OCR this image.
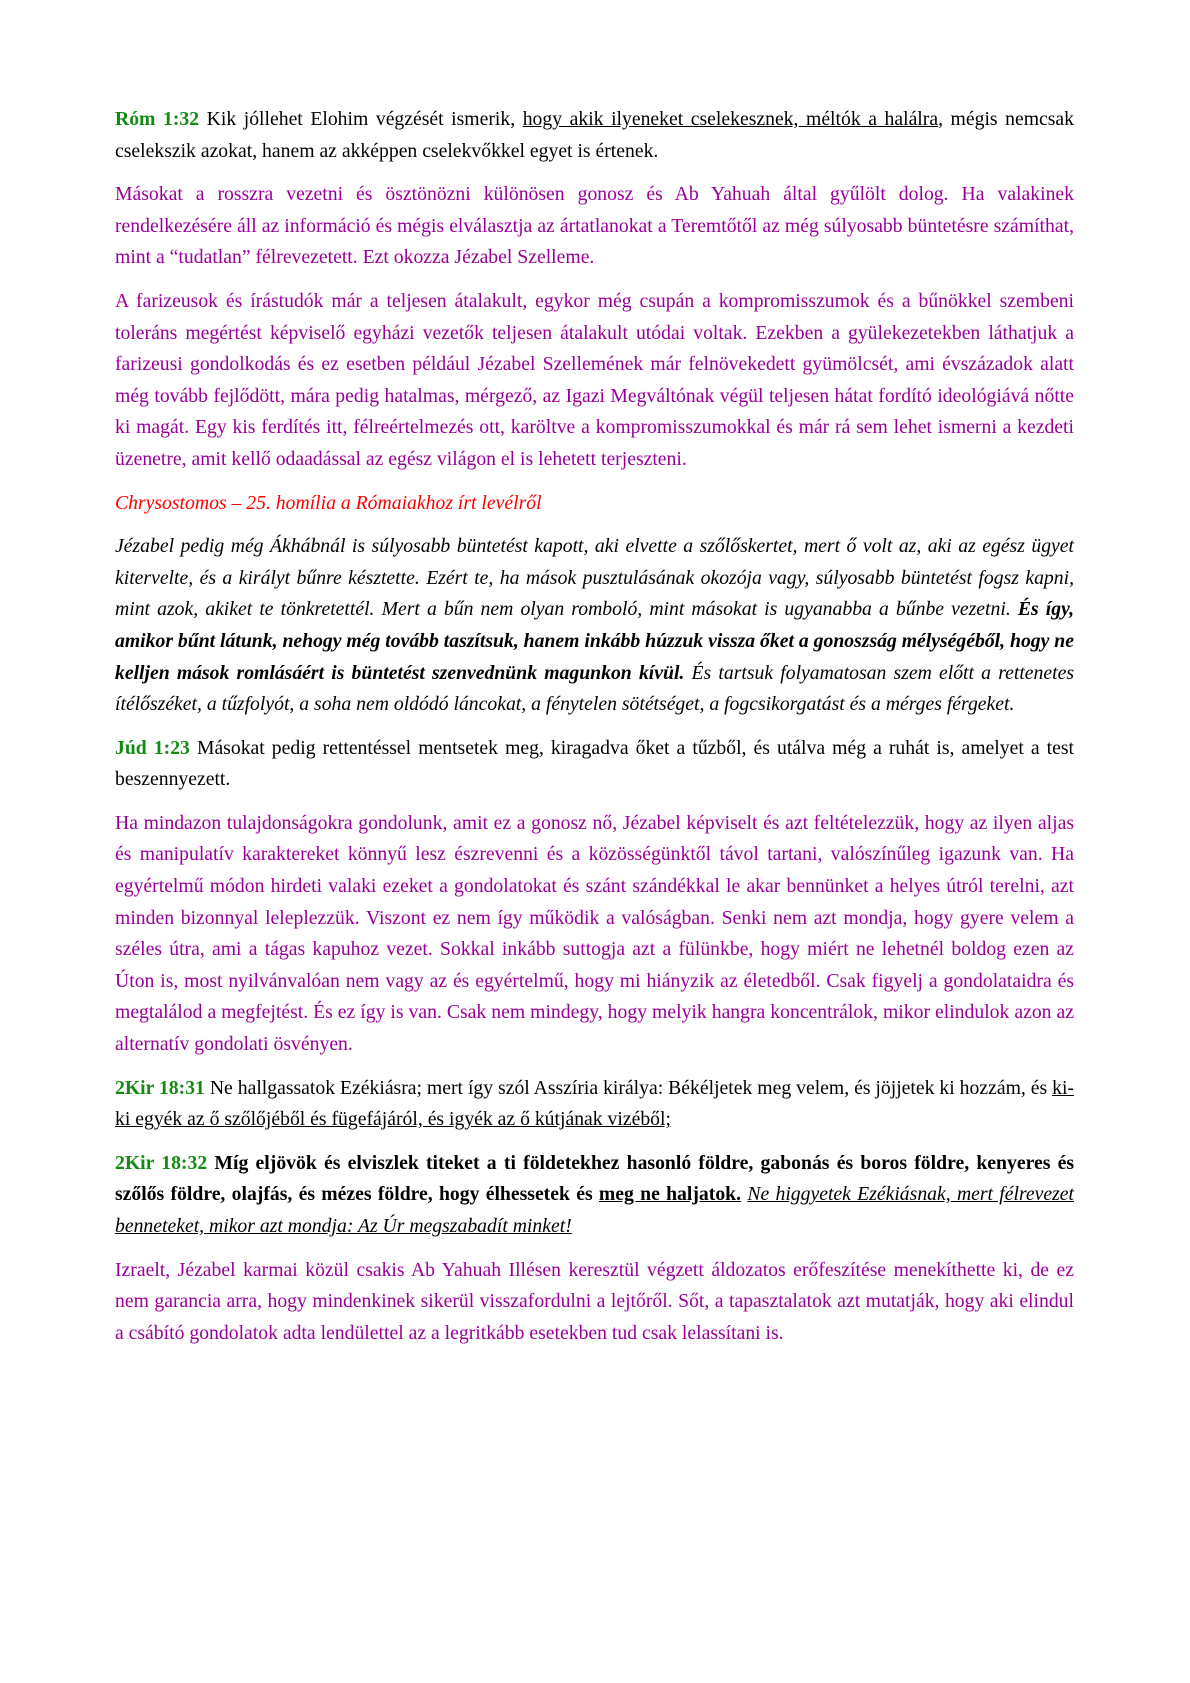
Róm 1:32 Kik jóllehet Elohim végzését ismerik, hogy akik ilyeneket cselekesznek, méltók a halálra, mégis nemcsak cselekszik azokat, hanem az akképpen cselekvőkkel egyet is értenek.

Másokat a rosszra vezetni és ösztönözni különösen gonosz és Ab Yahuah által gyűlölt dolog. Ha valakinek rendelkezésére áll az információ és mégis elválasztja az ártatlanokat a Teremtőtől az még súlyosabb büntetésre számíthat, mint a “tudatlan” félrevezetett. Ezt okozza Jézabel Szelleme.

A farizeusok és írástudók már a teljesen átalakult, egykor még csupán a kompromisszumok és a bűnökkel szembeni toleráns megértést képviselő egyházi vezetők teljesen átalakult utódai voltak. Ezekben a gyülekezetekben láthatjuk a farizeusi gondolkodás és ez esetben például Jézabel Szellemének már felnövekedett gyümölcsét, ami évszázadok alatt még tovább fejlődött, mára pedig hatalmas, mérgező, az Igazi Megváltónak végül teljesen hátat fordító ideológiává nőtte ki magát. Egy kis ferdítés itt, félreértelmezés ott, karöltve a kompromisszumokkal és már rá sem lehet ismerni a kezdeti üzenetre, amit kellő odaadással az egész világon el is lehetett terjeszteni.

Chrysostomos – 25. homília a Rómaiakhoz írt levélről

Jézabel pedig még Ákhábnál is súlyosabb büntetést kapott, aki elvette a szőlőskertet, mert ő volt az, aki az egész ügyet kitervelte, és a királyt bűnre késztette. Ezért te, ha mások pusztulásának okozója vagy, súlyosabb büntetést fogsz kapni, mint azok, akiket te tönkretettél. Mert a bűn nem olyan romboló, mint másokat is ugyanabba a bűnbe vezetni. És így, amikor bűnt látunk, nehogy még tovább taszítsuk, hanem inkább húzzuk vissza őket a gonoszság mélységéből, hogy ne kelljen mások romlásáért is büntetést szenvednünk magunkon kívül. És tartsuk folyamatosan szem előtt a rettenetes ítélőszéket, a tűzfolyót, a soha nem oldódó láncokat, a fénytelen sötétséget, a fogcsikorgatást és a mérges férgeket.

Júd 1:23 Másokat pedig rettentéssel mentsetek meg, kiragadva őket a tűzből, és utálva még a ruhát is, amelyet a test beszennyezett.

Ha mindazon tulajdonságokra gondolunk, amit ez a gonosz nő, Jézabel képviselt és azt feltételezzük, hogy az ilyen aljas és manipulatív karaktereket könnyű lesz észrevenni és a közösségünktől távol tartani, valószínűleg igazunk van. Ha egyértelmű módon hirdeti valaki ezeket a gondolatokat és szánt szándékkal le akar bennünket a helyes útról terelni, azt minden bizonnyal leleplezzük. Viszont ez nem így működik a valóságban. Senki nem azt mondja, hogy gyere velem a széles útra, ami a tágas kapuhoz vezet. Sokkal inkább suttogja azt a fülünkbe, hogy miért ne lehetnél boldog ezen az Úton is, most nyilvánvalóan nem vagy az és egyértelmű, hogy mi hiányzik az életedből. Csak figyelj a gondolataidra és megtalálod a megfejtést. És ez így is van. Csak nem mindegy, hogy melyik hangra koncentrálok, mikor elindulok azon az alternatív gondolati ösvényen.

2Kir 18:31 Ne hallgassatok Ezékiásra; mert így szól Asszíria királya: Békéljetek meg velem, és jöjjetek ki hozzám, és ki-ki egyék az ő szőlőjéből és fügefájáról, és igyék az ő kútjának vizéből;

2Kir 18:32 Míg eljövök és elviszlek titeket a ti földetekhez hasonló földre, gabonás és boros földre, kenyeres és szőlős földre, olajfás, és mézes földre, hogy élhessetek és meg ne haljatok. Ne higgyetek Ezékiásnak, mert félrevezet benneteket, mikor azt mondja: Az Úr megszabadít minket!

Izraelt, Jézabel karmai közül csakis Ab Yahuah Illésen keresztül végzett áldozatos erőfeszítése menekíthette ki, de ez nem garancia arra, hogy mindenkinek sikerül visszafordulni a lejtőről. Sőt, a tapasztalatok azt mutatják, hogy aki elindul a csábító gondolatok adta lendülettel az a legritkább esetekben tud csak lelassítani is.
